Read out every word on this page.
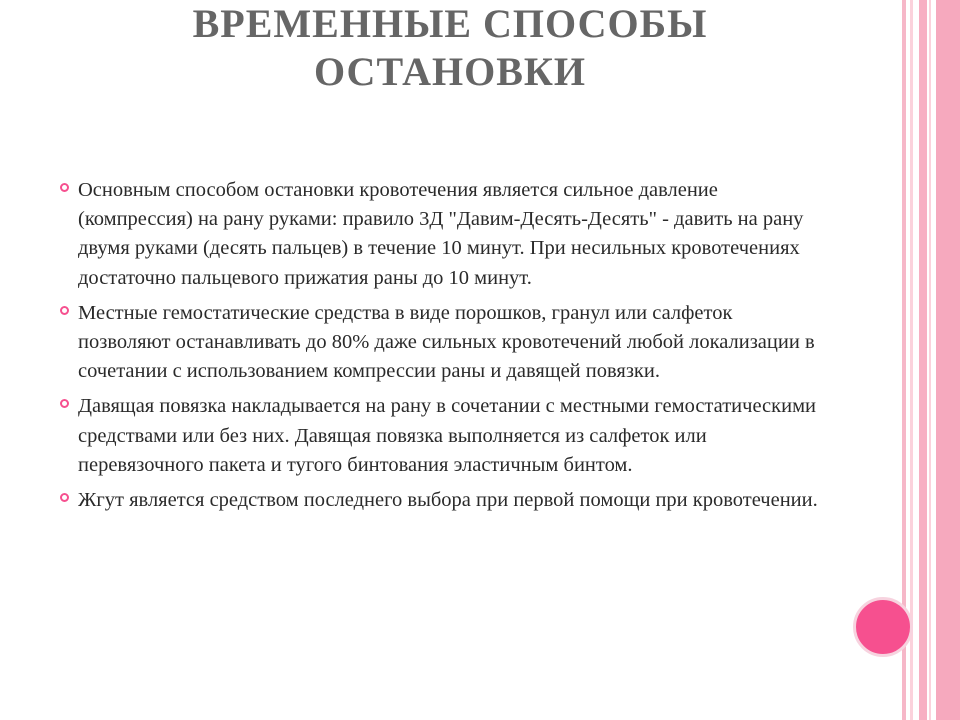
ВРЕМЕННЫЕ СПОСОБЫ
ОСТАНОВКИ
Основным способом остановки кровотечения является сильное давление (компрессия) на рану руками: правило 3Д "Давим-Десять-Десять" - давить на рану двумя руками (десять пальцев) в течение 10 минут. При несильных кровотечениях достаточно пальцевого прижатия раны до 10 минут.
Местные гемостатические средства в виде порошков, гранул или салфеток позволяют останавливать до 80% даже сильных кровотечений любой локализации в сочетании с использованием компрессии раны и давящей повязки.
Давящая повязка накладывается на рану в сочетании с местными гемостатическими средствами или без них. Давящая повязка выполняется из салфеток или перевязочного пакета и тугого бинтования эластичным бинтом.
Жгут является средством последнего выбора при первой помощи при кровотечении.
